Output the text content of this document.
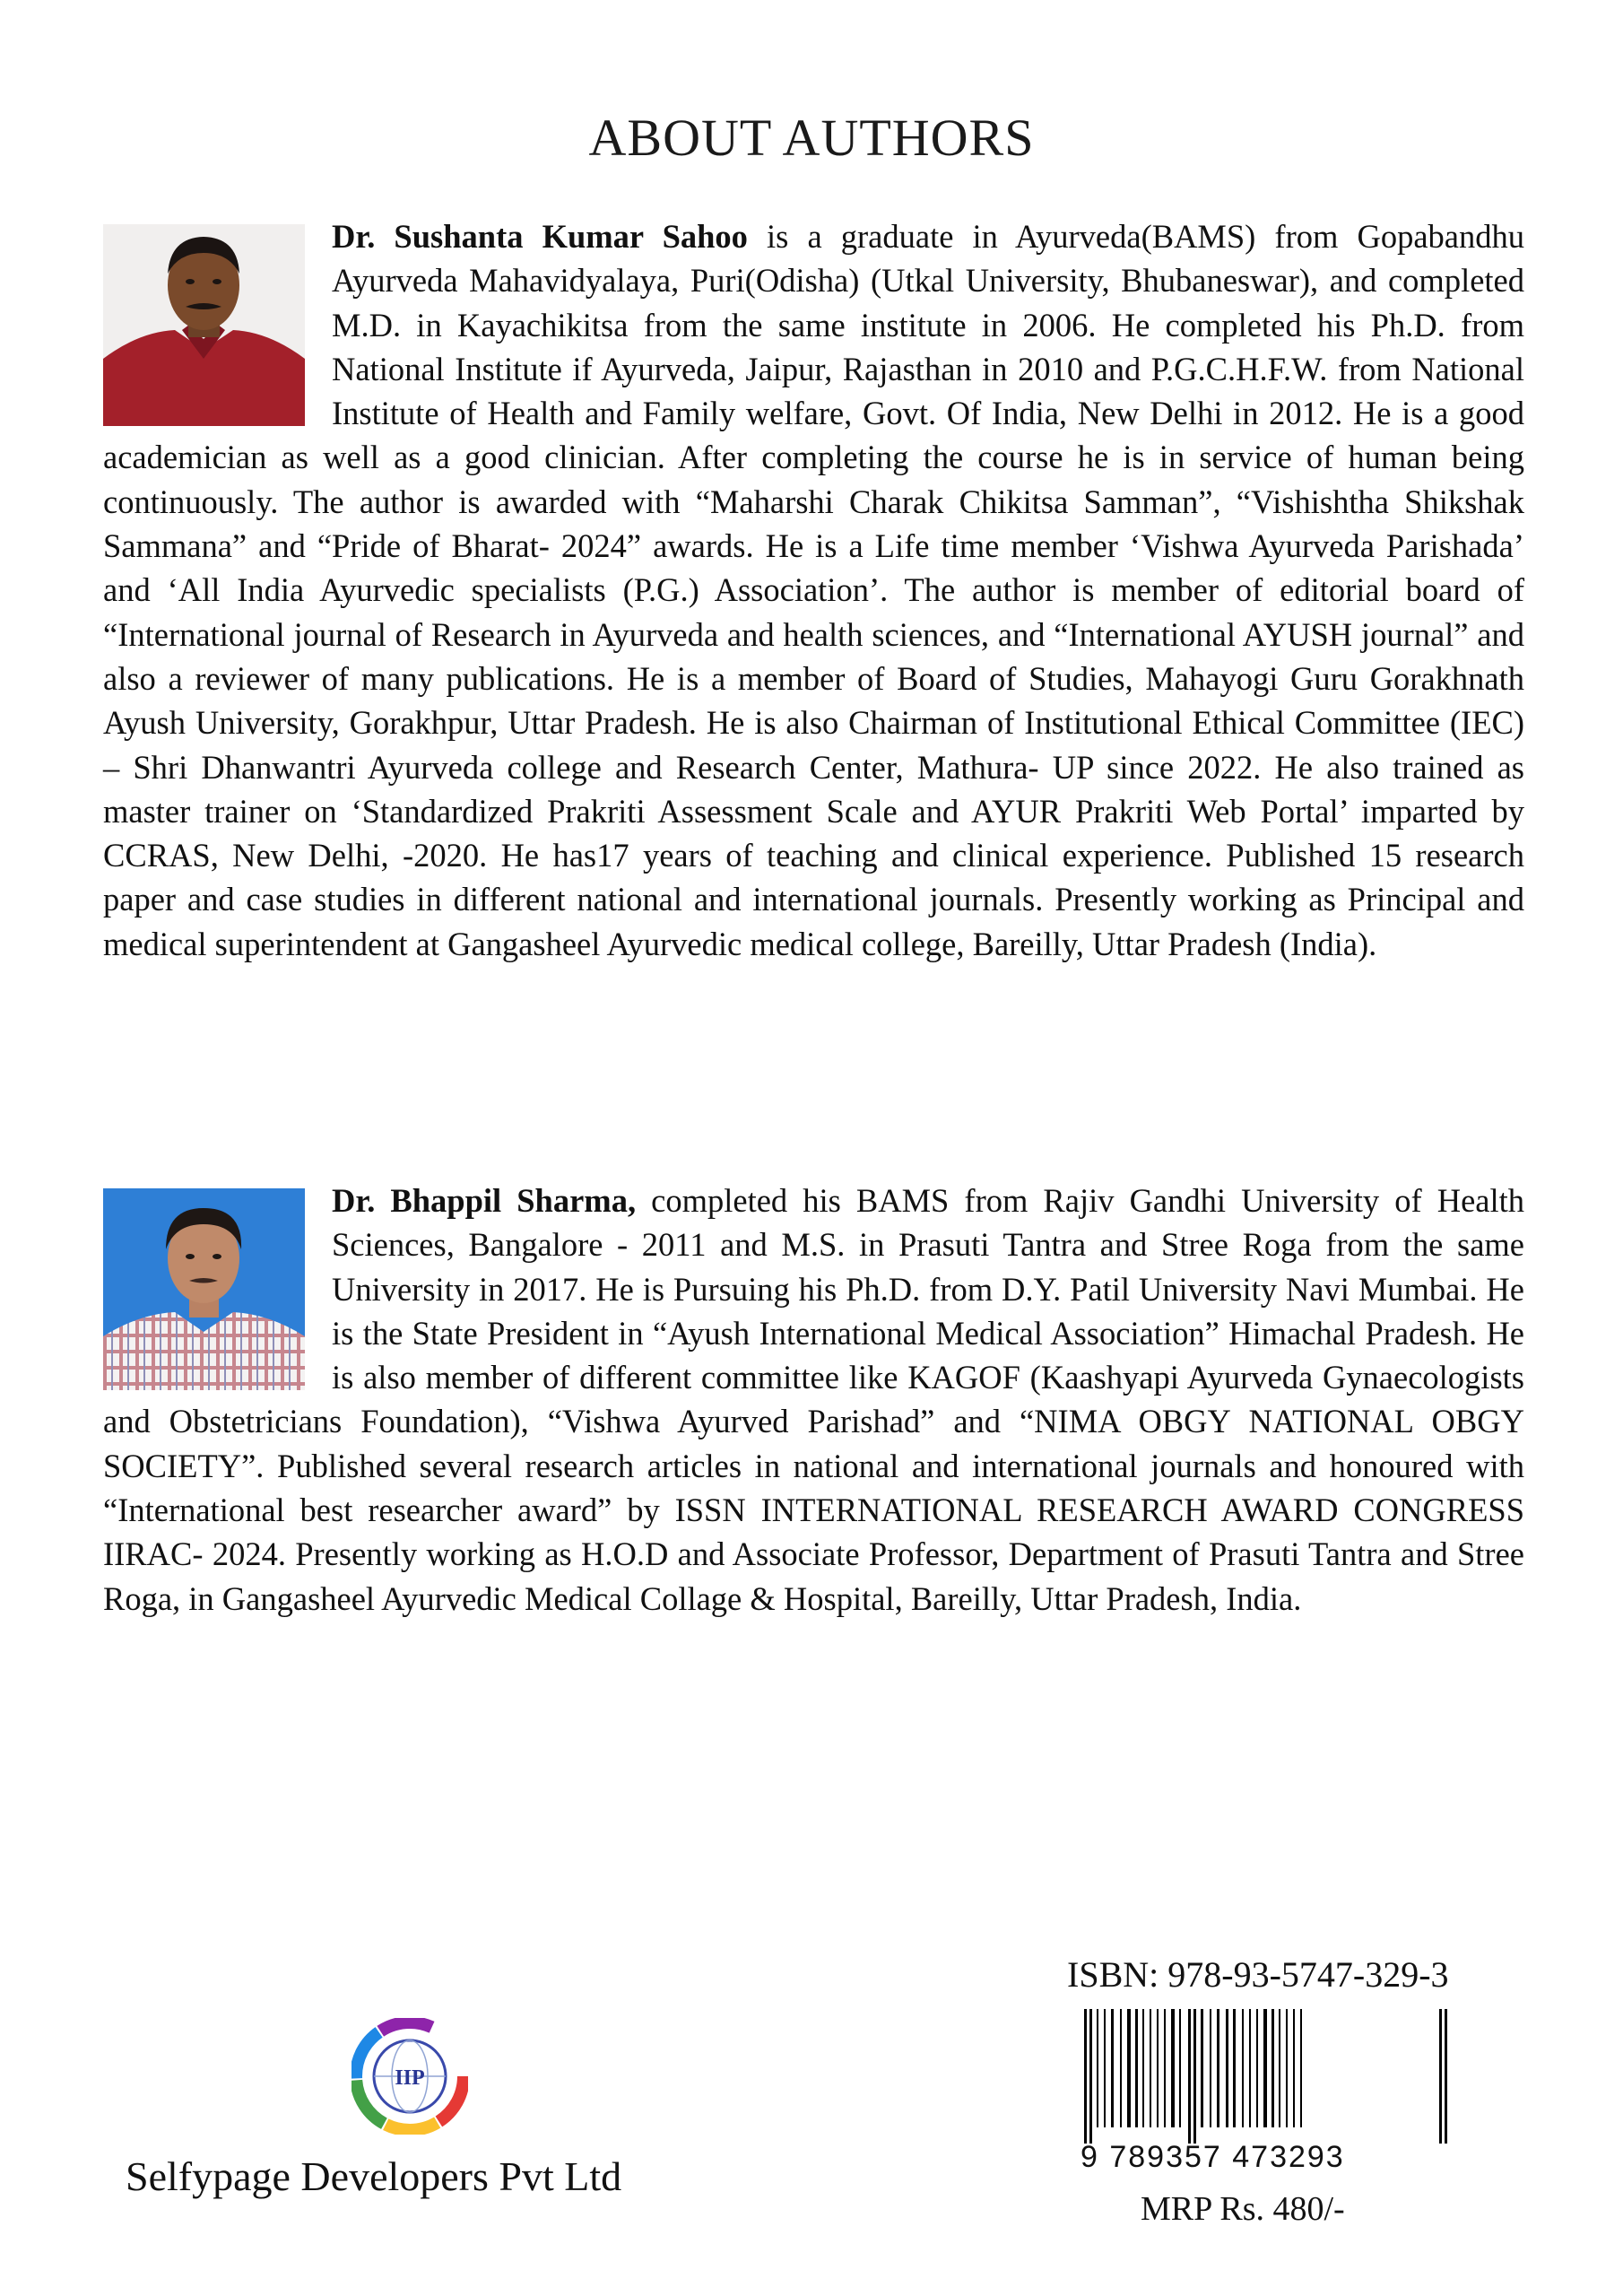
ABOUT AUTHORS
Dr. Sushanta Kumar Sahoo is a graduate in Ayurveda(BAMS) from Gopabandhu Ayurveda Mahavidyalaya, Puri(Odisha) (Utkal University, Bhubaneswar), and completed M.D. in Kayachikitsa from the same institute in 2006. He completed his Ph.D. from National Institute if Ayurveda, Jaipur, Rajasthan in 2010 and P.G.C.H.F.W. from National Institute of Health and Family welfare, Govt. Of India, New Delhi in 2012. He is a good academician as well as a good clinician. After completing the course he is in service of human being continuously. The author is awarded with “Maharshi Charak Chikitsa Samman”, “Vishishtha Shikshak Sammana” and “Pride of Bharat- 2024” awards. He is a Life time member ‘Vishwa Ayurveda Parishada’ and ‘All India Ayurvedic specialists (P.G.) Association’. The author is member of editorial board of “International journal of Research in Ayurveda and health sciences, and “International AYUSH journal” and also a reviewer of many publications. He is a member of Board of Studies, Mahayogi Guru Gorakhnath Ayush University, Gorakhpur, Uttar Pradesh. He is also Chairman of Institutional Ethical Committee (IEC) – Shri Dhanwantri Ayurveda college and Research Center, Mathura- UP since 2022. He also trained as master trainer on ‘Standardized Prakriti Assessment Scale and AYUR Prakriti Web Portal’ imparted by CCRAS, New Delhi, -2020. He has17 years of teaching and clinical experience. Published 15 research paper and case studies in different national and international journals. Presently working as Principal and medical superintendent at Gangasheel Ayurvedic medical college, Bareilly, Uttar Pradesh (India).
Dr. Bhappil Sharma, completed his BAMS from Rajiv Gandhi University of Health Sciences, Bangalore - 2011 and M.S. in Prasuti Tantra and Stree Roga from the same University in 2017. He is Pursuing his Ph.D. from D.Y. Patil University Navi Mumbai. He is the State President in “Ayush International Medical Association” Himachal Pradesh. He is also member of different committee like KAGOF (Kaashyapi Ayurveda Gynaecologists and Obstetricians Foundation), “Vishwa Ayurved Parishad” and “NIMA OBGY NATIONAL OBGY SOCIETY”. Published several research articles in national and international journals and honoured with “International best researcher award” by ISSN INTERNATIONAL RESEARCH AWARD CONGRESS IIRAC- 2024. Presently working as H.O.D and Associate Professor, Department of Prasuti Tantra and Stree Roga, in Gangasheel Ayurvedic Medical Collage & Hospital, Bareilly, Uttar Pradesh, India.
ISBN: 978-93-5747-329-3
9 789357 473293
MRP Rs. 480/-
IIP
Selfypage Developers Pvt Ltd
